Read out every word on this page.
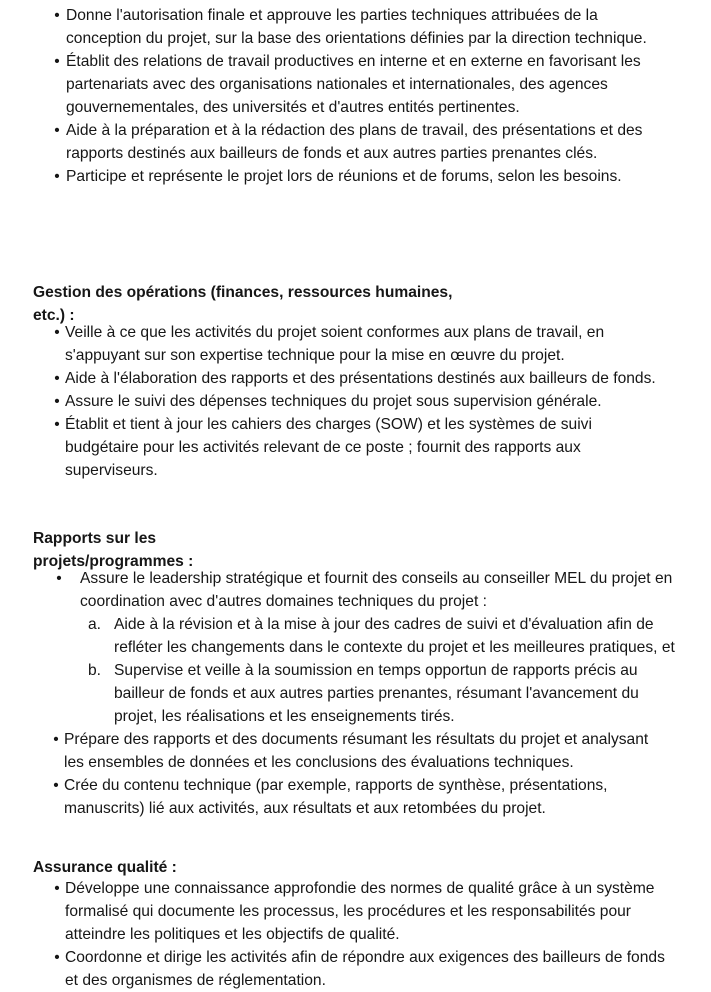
• Donne l'autorisation finale et approuve les parties techniques attribuées de la conception du projet, sur la base des orientations définies par la direction technique.
• Établit des relations de travail productives en interne et en externe en favorisant les partenariats avec des organisations nationales et internationales, des agences gouvernementales, des universités et d'autres entités pertinentes.
• Aide à la préparation et à la rédaction des plans de travail, des présentations et des rapports destinés aux bailleurs de fonds et aux autres parties prenantes clés.
• Participe et représente le projet lors de réunions et de forums, selon les besoins.
Gestion des opérations (finances, ressources humaines,
etc.) :
• Veille à ce que les activités du projet soient conformes aux plans de travail, en s'appuyant sur son expertise technique pour la mise en œuvre du projet.
• Aide à l'élaboration des rapports et des présentations destinés aux bailleurs de fonds.
• Assure le suivi des dépenses techniques du projet sous supervision générale.
• Établit et tient à jour les cahiers des charges (SOW) et les systèmes de suivi budgétaire pour les activités relevant de ce poste ; fournit des rapports aux superviseurs.
Rapports sur les
projets/programmes :
• Assure le leadership stratégique et fournit des conseils au conseiller MEL du projet en coordination avec d'autres domaines techniques du projet :
a. Aide à la révision et à la mise à jour des cadres de suivi et d'évaluation afin de refléter les changements dans le contexte du projet et les meilleures pratiques, et
b. Supervise et veille à la soumission en temps opportun de rapports précis au bailleur de fonds et aux autres parties prenantes, résumant l'avancement du projet, les réalisations et les enseignements tirés.
• Prépare des rapports et des documents résumant les résultats du projet et analysant les ensembles de données et les conclusions des évaluations techniques.
• Crée du contenu technique (par exemple, rapports de synthèse, présentations, manuscrits) lié aux activités, aux résultats et aux retombées du projet.
Assurance qualité :
• Développe une connaissance approfondie des normes de qualité grâce à un système formalisé qui documente les processus, les procédures et les responsabilités pour atteindre les politiques et les objectifs de qualité.
• Coordonne et dirige les activités afin de répondre aux exigences des bailleurs de fonds et des organismes de réglementation.
